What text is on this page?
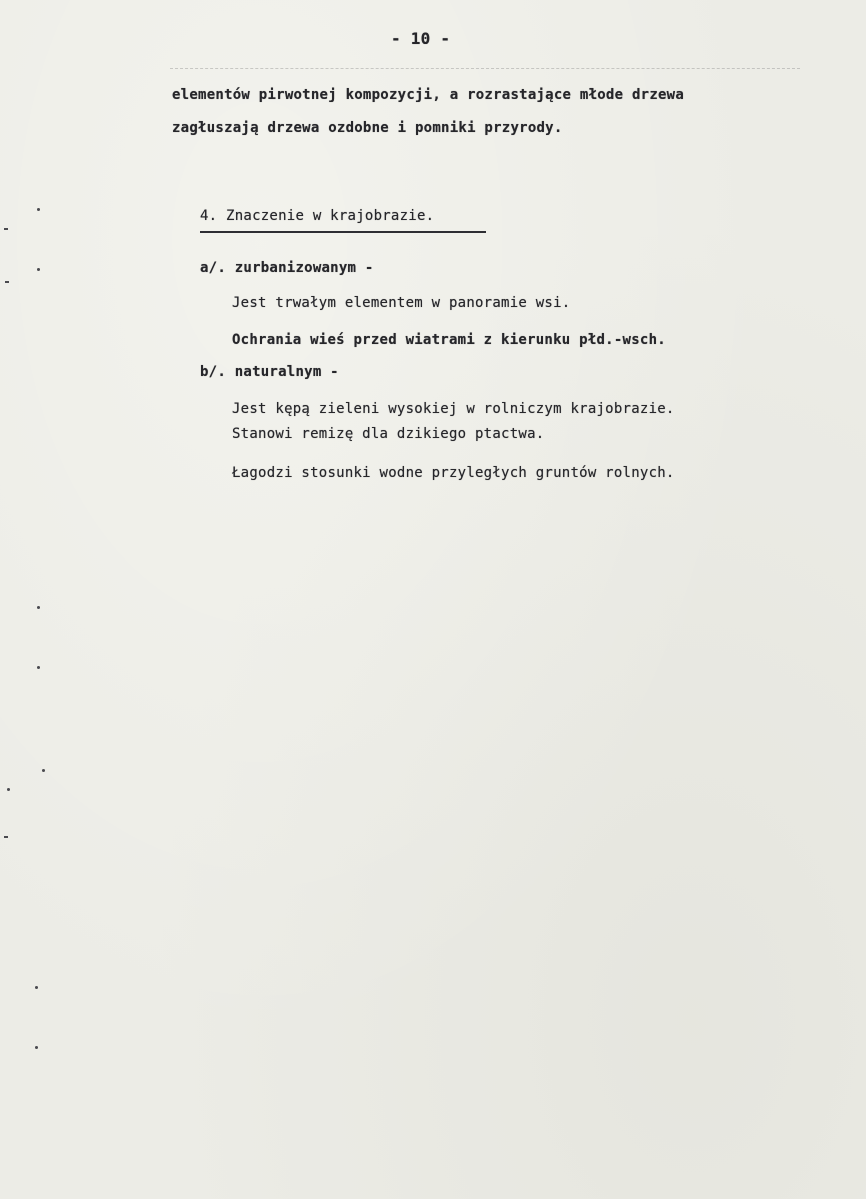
- 10 -
elementów pirwotnej kompozycji, a rozrastające młode drzewa
zagłuszają drzewa ozdobne i pomniki przyrody.
4. Znaczenie w krajobrazie.
a/. zurbanizowanym -
Jest trwałym elementem w panoramie wsi.
Ochrania wieś przed wiatrami z kierunku płd.-wsch.
b/. naturalnym -
Jest kępą zieleni wysokiej w rolniczym krajobrazie.
Stanowi remizę dla dzikiego ptactwa.
Łagodzi stosunki wodne przyległych gruntów rolnych.
